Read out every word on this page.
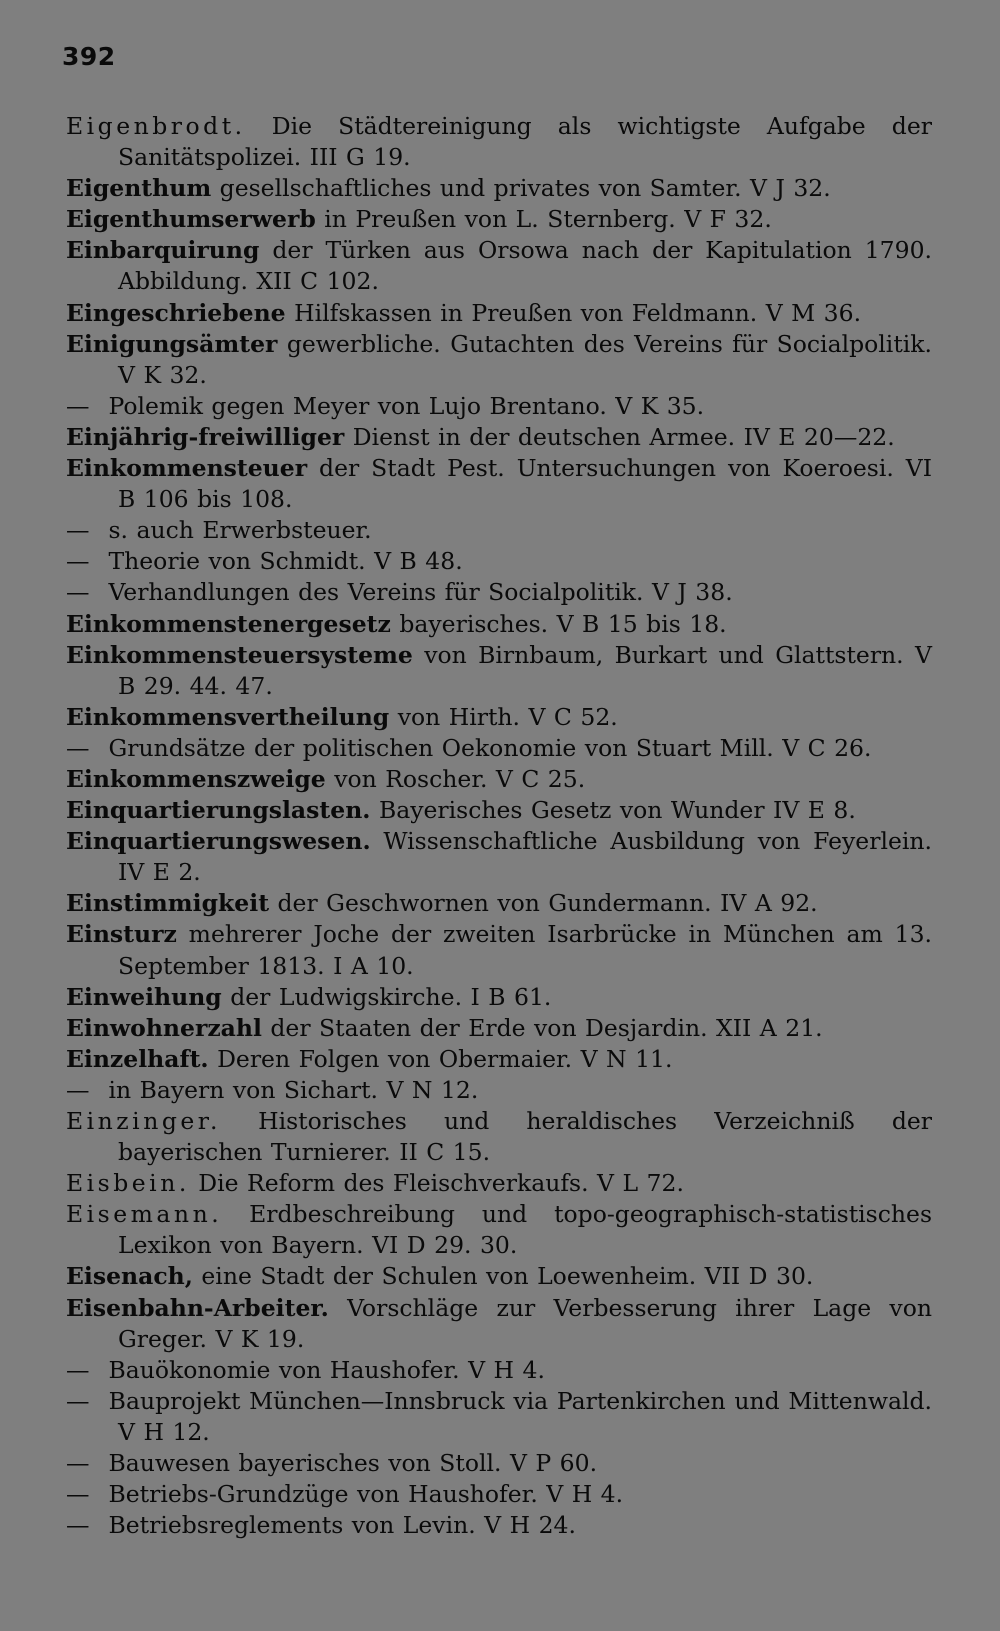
392
Eigenbrodt. Die Städtereinigung als wichtigste Aufgabe der Sanitätspolizei. III G 19.
Eigenthum gesellschaftliches und privates von Samter. V J 32.
Eigenthumserwerb in Preußen von L. Sternberg. V F 32.
Einbarquirung der Türken aus Orsowa nach der Kapitulation 1790. Abbildung. XII C 102.
Eingeschriebene Hilfskassen in Preußen von Feldmann. V M 36.
Einigungsämter gewerbliche. Gutachten des Vereins für Socialpolitik. V K 32.
— Polemik gegen Meyer von Lujo Brentano. V K 35.
Einjährig-freiwilliger Dienst in der deutschen Armee. IV E 20—22.
Einkommensteuer der Stadt Pest. Untersuchungen von Koeroesi. VI B 106 bis 108.
— s. auch Erwerbsteuer.
— Theorie von Schmidt. V B 48.
— Verhandlungen des Vereins für Socialpolitik. V J 38.
Einkommenstenergesetz bayerisches. V B 15 bis 18.
Einkommensteuersysteme von Birnbaum, Burkart und Glattstern. V B 29. 44. 47.
Einkommensvertheilung von Hirth. V C 52.
— Grundsätze der politischen Oekonomie von Stuart Mill. V C 26.
Einkommenszweige von Roscher. V C 25.
Einquartierungslasten. Bayerisches Gesetz von Wunder IV E 8.
Einquartierungswesen. Wissenschaftliche Ausbildung von Feyerlein. IV E 2.
Einstimmigkeit der Geschwornen von Gundermann. IV A 92.
Einsturz mehrerer Joche der zweiten Isarbrücke in München am 13. September 1813. I A 10.
Einweihung der Ludwigskirche. I B 61.
Einwohnerzahl der Staaten der Erde von Desjardin. XII A 21.
Einzelhaft. Deren Folgen von Obermaier. V N 11.
— in Bayern von Sichart. V N 12.
Einzinger. Historisches und heraldisches Verzeichniß der bayerischen Turnierer. II C 15.
Eisbein. Die Reform des Fleischverkaufs. V L 72.
Eisemann. Erdbeschreibung und topo-geographisch-statistisches Lexikon von Bayern. VI D 29. 30.
Eisenach, eine Stadt der Schulen von Loewenheim. VII D 30.
Eisenbahn-Arbeiter. Vorschläge zur Verbesserung ihrer Lage von Greger. V K 19.
— Bauökonomie von Haushofer. V H 4.
— Bauprojekt München—Innsbruck via Partenkirchen und Mittenwald. V H 12.
— Bauwesen bayerisches von Stoll. V P 60.
— Betriebs-Grundzüge von Haushofer. V H 4.
— Betriebsreglements von Levin. V H 24.
